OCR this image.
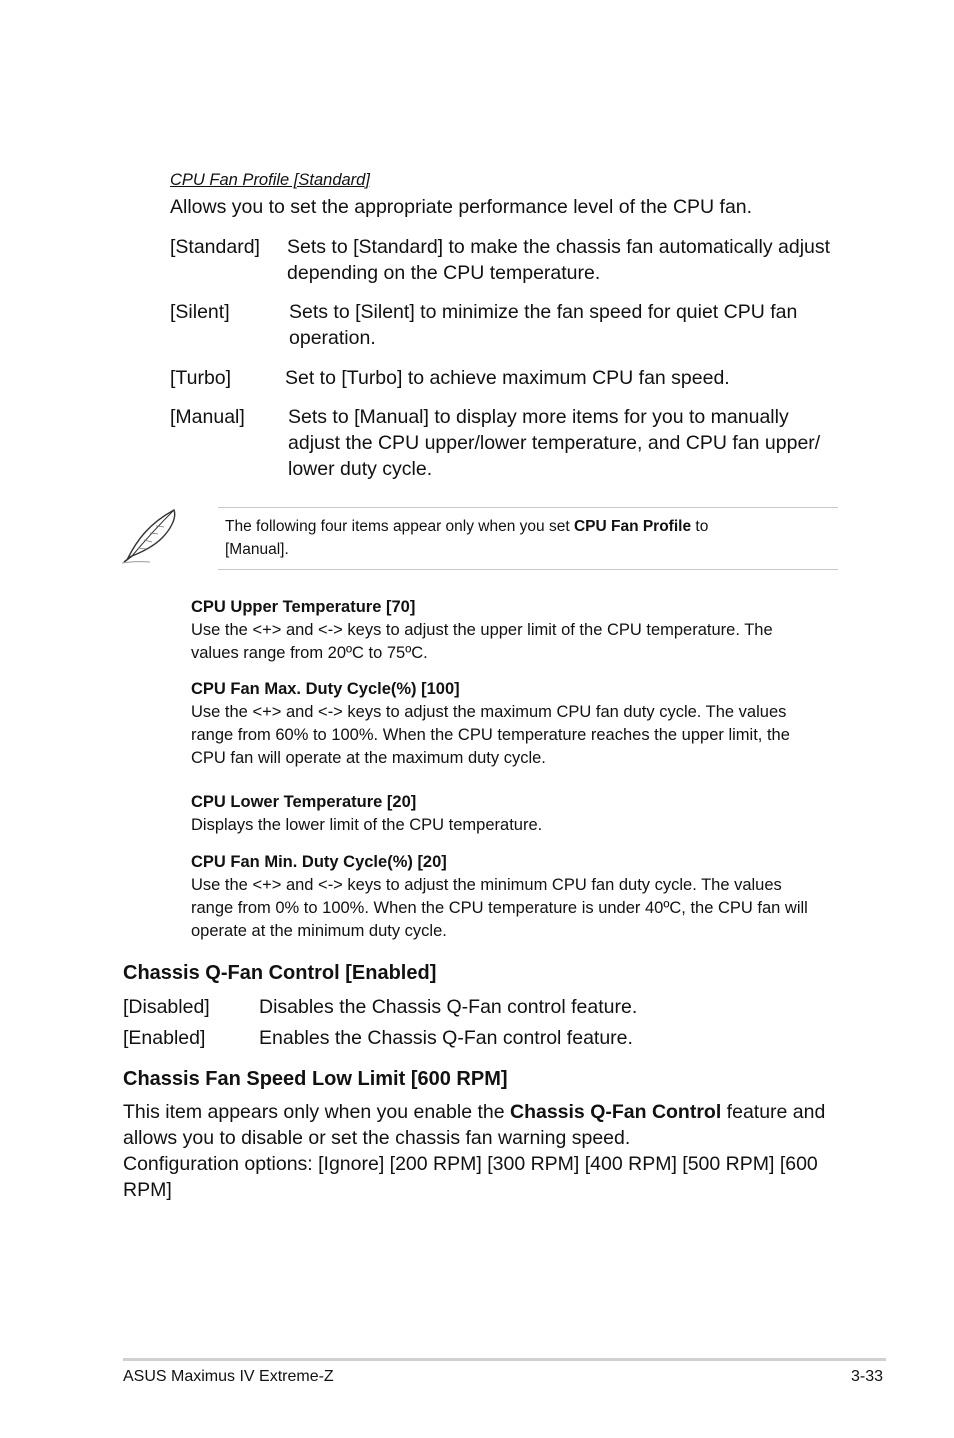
CPU Fan Profile [Standard]
Allows you to set the appropriate performance level of the CPU fan.
[Standard] Sets to [Standard] to make the chassis fan automatically adjust
depending on the CPU temperature.
[Silent]	Sets to [Silent] to minimize the fan speed for quiet CPU fan
operation.
[Turbo]	Set to [Turbo] to achieve maximum CPU fan speed.
[Manual] Sets to [Manual] to display more items for you to manually
adjust the CPU upper/lower temperature, and CPU fan upper/
lower duty cycle.
The following four items appear only when you set CPU Fan Profile to
[Manual].
CPU Upper Temperature [70]
Use the <+> and <-> keys to adjust the upper limit of the CPU temperature. The
values range from 20ºC to 75ºC.
CPU Fan Max. Duty Cycle(%) [100]
Use the <+> and <-> keys to adjust the maximum CPU fan duty cycle. The values
range from 60% to 100%. When the CPU temperature reaches the upper limit, the
CPU fan will operate at the maximum duty cycle.
CPU Lower Temperature [20]
Displays the lower limit of the CPU temperature.
CPU Fan Min. Duty Cycle(%) [20]
Use the <+> and <-> keys to adjust the minimum CPU fan duty cycle. The values
range from 0% to 100%. When the CPU temperature is under 40ºC, the CPU fan will
operate at the minimum duty cycle.
Chassis Q-Fan Control [Enabled]
[Disabled]	Disables the Chassis Q-Fan control feature.
[Enabled]	Enables the Chassis Q-Fan control feature.
Chassis Fan Speed Low Limit [600 RPM]
This item appears only when you enable the Chassis Q-Fan Control feature and
allows you to disable or set the chassis fan warning speed.
Configuration options: [Ignore] [200 RPM] [300 RPM] [400 RPM] [500 RPM] [600
RPM]
ASUS Maximus IV Extreme-Z	3-33
